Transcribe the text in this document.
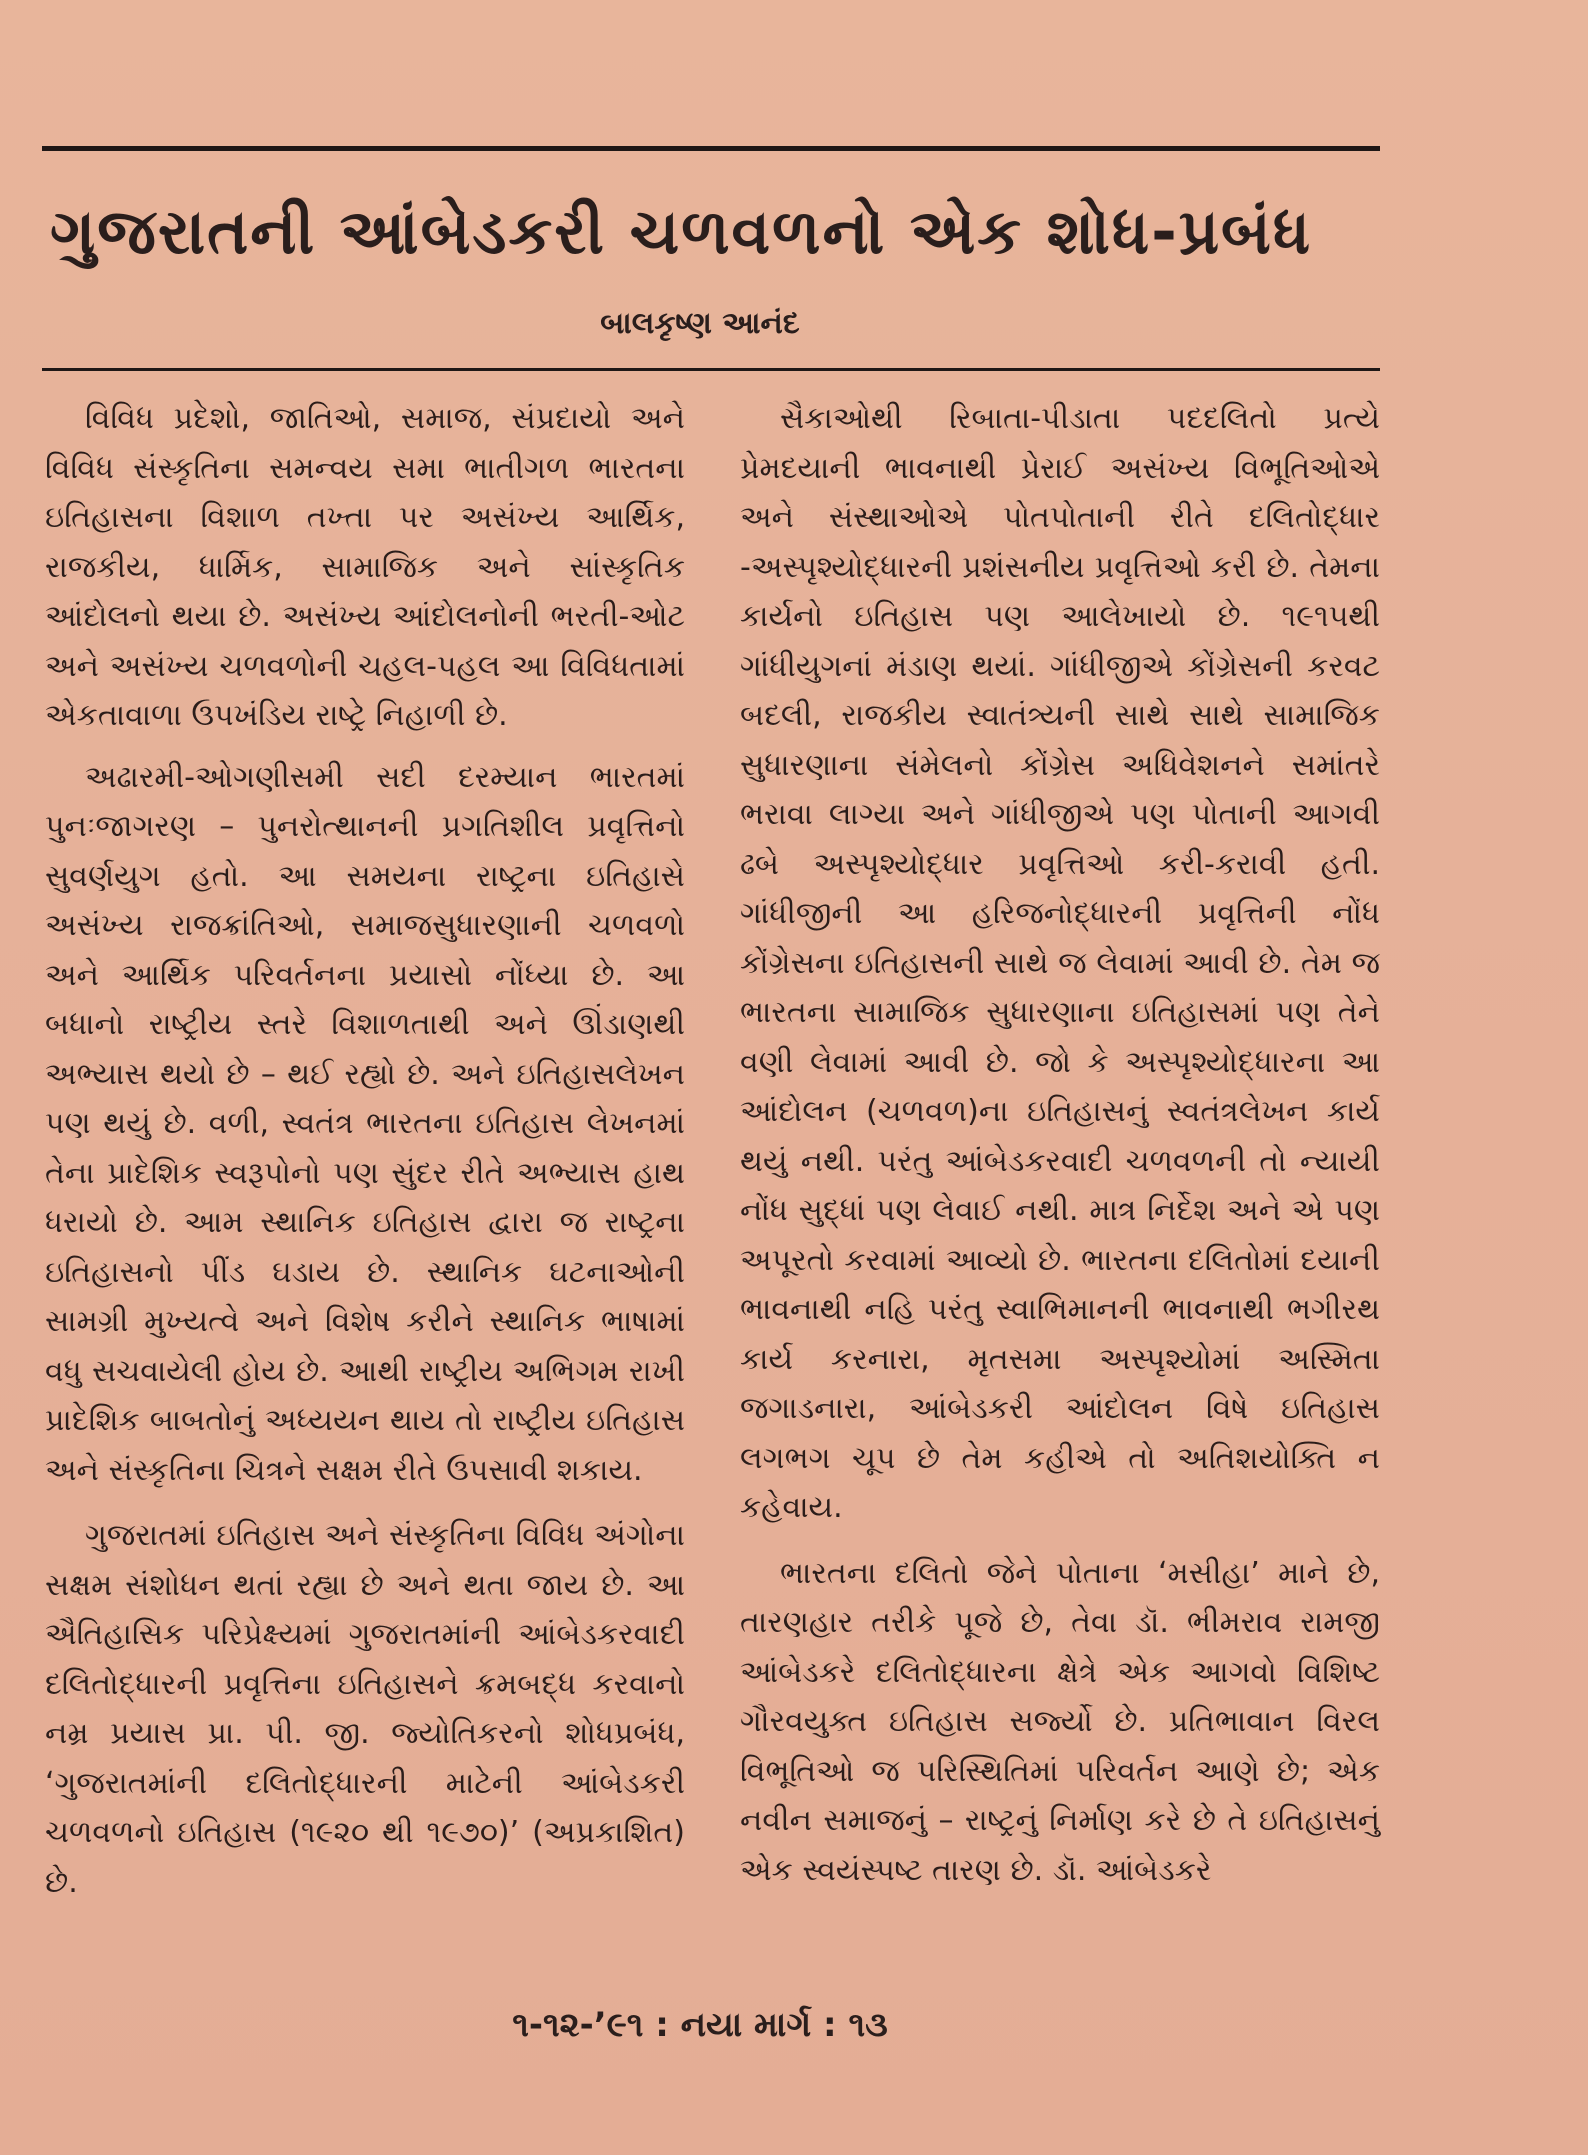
ગુજરાતની આંબેડકરી ચળવળનો એક શોધ-પ્રબંધ
બાલકૃષ્ણ આનંદ

વિવિધ પ્રદેશો, જાતિઓ, સમાજ, સંપ્રદાયો અને વિવિધ સંસ્કૃતિના સમન્વય સમા ભાતીગળ ભારતના ઇતિહાસના વિશાળ તખ્તા પર અસંખ્ય આર્થિક, રાજકીય, ધાર્મિક, સામાજિક અને સાંસ્કૃતિક આંદોલનો થયા છે. અસંખ્ય આંદોલનોની ભરતી-ઓટ અને અસંખ્ય ચળવળોની ચહલ-પહલ આ વિવિધતામાં એકતાવાળા ઉપખંડિય રાષ્ટ્રે નિહાળી છે.

અઢારમી-ઓગણીસમી સદી દરમ્યાન ભારતમાં પુનઃજાગરણ – પુનરોત્થાનની પ્રગતિશીલ પ્રવૃત્તિનો સુવર્ણયુગ હતો. આ સમયના રાષ્ટ્રના ઇતિહાસે અસંખ્ય રાજક્રાંતિઓ, સમાજસુધારણાની ચળવળો અને આર્થિક પરિવર્તનના પ્રયાસો નોંધ્યા છે. આ બધાનો રાષ્ટ્રીય સ્તરે વિશાળતાથી અને ઊંડાણથી અભ્યાસ થયો છે – થઈ રહ્યો છે. અને ઇતિહાસલેખન પણ થયું છે. વળી, સ્વતંત્ર ભારતના ઇતિહાસ લેખનમાં તેના પ્રાદેશિક સ્વરૂપોનો પણ સુંદર રીતે અભ્યાસ હાથ ધરાયો છે. આમ સ્થાનિક ઇતિહાસ દ્વારા જ રાષ્ટ્રના ઇતિહાસનો પીંડ ઘડાય છે. સ્થાનિક ઘટનાઓની સામગ્રી મુખ્યત્વે અને વિશેષ કરીને સ્થાનિક ભાષામાં વધુ સચવાયેલી હોય છે. આથી રાષ્ટ્રીય અભિગમ રાખી પ્રાદેશિક બાબતોનું અધ્યયન થાય તો રાષ્ટ્રીય ઇતિહાસ અને સંસ્કૃતિના ચિત્રને સક્ષમ રીતે ઉપસાવી શકાય.

ગુજરાતમાં ઇતિહાસ અને સંસ્કૃતિના વિવિધ અંગોના સક્ષમ સંશોધન થતાં રહ્યા છે અને થતા જાય છે. આ ઐતિહાસિક પરિપ્રેક્ષ્યમાં ગુજરાતમાંની આંબેડકરવાદી દલિતોદ્ધારની પ્રવૃત્તિના ઇતિહાસને ક્રમબદ્ધ કરવાનો નમ્ર પ્રયાસ પ્રા. પી. જી. જ્યોતિકરનો શોધપ્રબંધ, ‘ગુજરાતમાંની દલિતોદ્ધારની માટેની આંબેડકરી ચળવળનો ઇતિહાસ (૧૯૨૦ થી ૧૯૭૦)’ (અપ્રકાશિત) છે.

સૈકાઓથી રિબાતા-પીડાતા પદદલિતો પ્રત્યે પ્રેમદયાની ભાવનાથી પ્રેરાઈ અસંખ્ય વિભૂતિઓએ અને સંસ્થાઓએ પોતપોતાની રીતે દલિતોદ્ધાર -અસ્પૃશ્યોદ્ધારની પ્રશંસનીય પ્રવૃત્તિઓ કરી છે. તેમના કાર્યનો ઇતિહાસ પણ આલેખાયો છે. ૧૯૧૫થી ગાંધીયુગનાં મંડાણ થયાં. ગાંધીજીએ કોંગ્રેસની કરવટ બદલી, રાજકીય સ્વાતંત્ર્યની સાથે સાથે સામાજિક સુધારણાના સંમેલનો કોંગ્રેસ અધિવેશનને સમાંતરે ભરાવા લાગ્યા અને ગાંધીજીએ પણ પોતાની આગવી ઢબે અસ્પૃશ્યોદ્ધાર પ્રવૃત્તિઓ કરી-કરાવી હતી. ગાંધીજીની આ હરિજનોદ્ધારની પ્રવૃત્તિની નોંધ કોંગ્રેસના ઇતિહાસની સાથે જ લેવામાં આવી છે. તેમ જ ભારતના સામાજિક સુધારણાના ઇતિહાસમાં પણ તેને વણી લેવામાં આવી છે. જો કે અસ્પૃશ્યોદ્ધારના આ આંદોલન (ચળવળ)ના ઇતિહાસનું સ્વતંત્રલેખન કાર્ય થયું નથી. પરંતુ આંબેડકરવાદી ચળવળની તો ન્યાયી નોંધ સુદ્ધાં પણ લેવાઈ નથી. માત્ર નિર્દેશ અને એ પણ અપૂરતો કરવામાં આવ્યો છે. ભારતના દલિતોમાં દયાની ભાવનાથી નહિ પરંતુ સ્વાભિમાનની ભાવનાથી ભગીરથ કાર્ય કરનારા, મૃતસમા અસ્પૃશ્યોમાં અસ્મિતા જગાડનારા, આંબેડકરી આંદોલન વિષે ઇતિહાસ લગભગ ચૂપ છે તેમ કહીએ તો અતિશયોક્તિ ન કહેવાય.

ભારતના દલિતો જેને પોતાના ‘મસીહા’ માને છે, તારણહાર તરીકે પૂજે છે, તેવા ડૉ. ભીમરાવ રામજી આંબેડકરે દલિતોદ્ધારના ક્ષેત્રે એક આગવો વિશિષ્ટ ગૌરવયુક્ત ઇતિહાસ સર્જ્યો છે. પ્રતિભાવાન વિરલ વિભૂતિઓ જ પરિસ્થિતિમાં પરિવર્તન આણે છે; એક નવીન સમાજનું – રાષ્ટ્રનું નિર્માણ કરે છે તે ઇતિહાસનું એક સ્વયંસ્પષ્ટ તારણ છે. ડૉ. આંબેડકરે

૧-૧૨-’૯૧ : નયા માર્ગ : ૧૩
